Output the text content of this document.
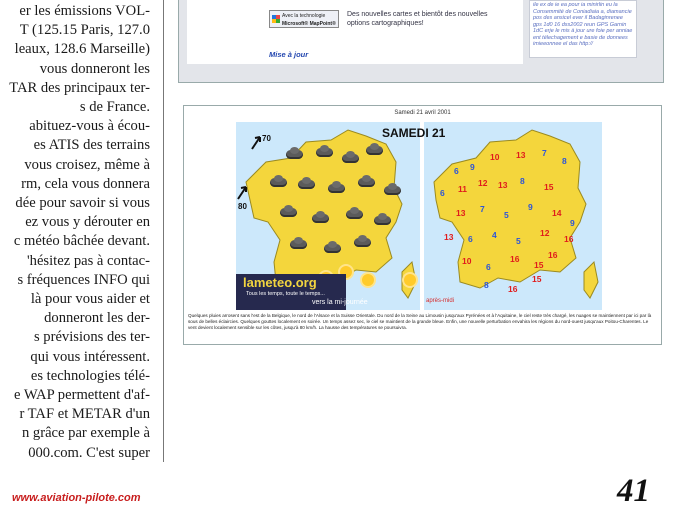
er les émissions VOL-
T (125.15 Paris, 127.0
leaux, 128.6 Marseille)
vous donneront les
TAR des principaux ter-
s de France.
abituez-vous à écou-
es ATIS des terrains
vous croisez, même à
rm, cela vous donnera
dée pour savoir si vous
ez vous y dérouter en
c météo bâchée devant.
'hésitez pas à contac-
s fréquences INFO qui
là pour vous aider et
donneront les der-
s prévisions des ter-
qui vous intéressent.
es technologies télé-
e WAP permettent d'af-
r TAF et METAR d'un
n grâce par exemple à
000.com. C'est super
Avec la technologie
Microsoft® MapPoint®
Des nouvelles cartes et bientôt des nouvelles options cartographiques!
Mise à jour
ile ex de ie ea pour ia minirlin eu la Consemmité de Coniadiaia a, diamancie pos des ansicel ever il Badaginrenee gps 1d0 16 dss2002 reun GPS Garnin 1dC erje le mis à jour ure foie per anniae ent télechagement e basie de donnees imieeonnee el das http://
Samedi 21 avril 2001
70
80
SAMEDI 21
6 9
10 13 7
8
6 11
12 13 8
15
13 7
5
9
14
13 6 4
5
12
16
10
6
16
15
8 16
15
16
9
après-midi
lameteo.org
Tous les temps, toute le temps...
vers la mi-journée
Quelques pluies arrosent sans l'est de la Belgique, le nord de l'Alsace et la Suisse Orientale. Du nord de la Seine au Limousin jusqu'aux Pyrénées et à l'Aquitaine, le ciel reste très chargé, les nuages se maintiennent par ici par là sous de belles éclaircies. Quelques gouttes localement en soirée. Un temps assez sec, le ciel se maintient de la grande bleue. Enfin, une nouvelle perturbation envahira les régions du nord-ouest jusqu'aux Poitou-Charentes. Le vent devient localement sensible sur les côtes, jusqu'à 80 km/h. La hausse des températures se poursuivra.
www.aviation-pilote.com	41
